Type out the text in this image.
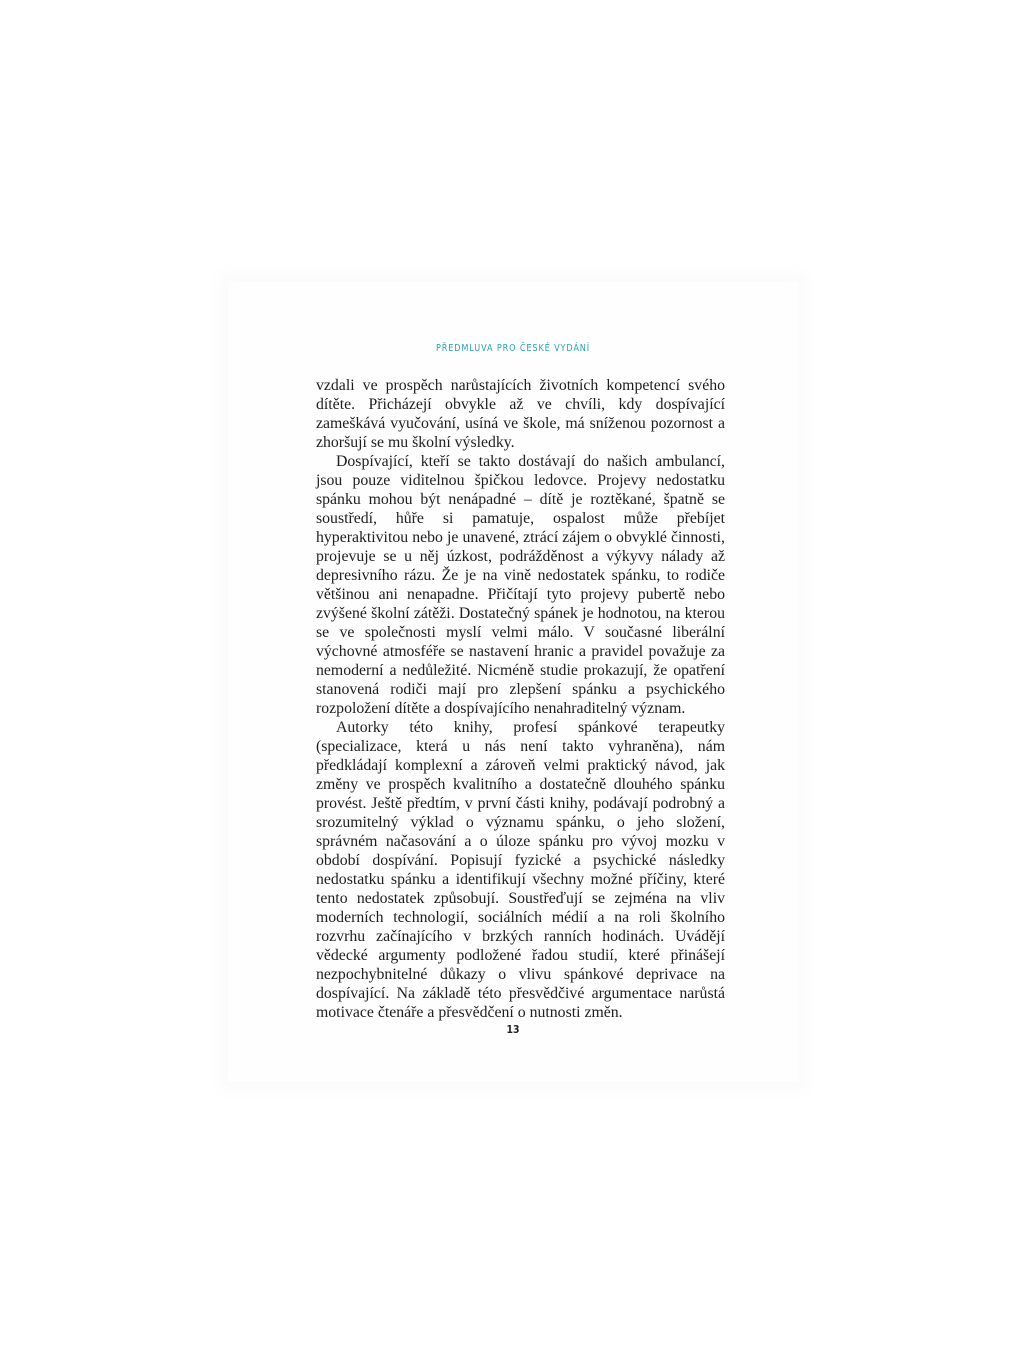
PŘEDMLUVA PRO ČESKÉ VYDÁNÍ

vzdali ve prospěch narůstajících životních kompetencí svého dítěte. Přicházejí obvykle až ve chvíli, kdy dospívající zameškává vyučování, usíná ve škole, má sníženou pozornost a zhoršují se mu školní výsledky.

Dospívající, kteří se takto dostávají do našich ambulancí, jsou pouze viditelnou špičkou ledovce. Projevy nedostatku spánku mohou být nenápadné – dítě je roztěkané, špatně se soustředí, hůře si pamatuje, ospalost může přebíjet hyperaktivitou nebo je unavené, ztrácí zájem o obvyklé činnosti, projevuje se u něj úzkost, podrážděnost a výkyvy nálady až depresivního rázu. Že je na vině nedostatek spánku, to rodiče většinou ani nenapadne. Přičítají tyto projevy pubertě nebo zvýšené školní zátěži. Dostatečný spánek je hodnotou, na kterou se ve společnosti myslí velmi málo. V současné liberální výchovné atmosféře se nastavení hranic a pravidel považuje za nemoderní a nedůležité. Nicméně studie prokazují, že opatření stanovená rodiči mají pro zlepšení spánku a psychického rozpoložení dítěte a dospívajícího nenahraditelný význam.

Autorky této knihy, profesí spánkové terapeutky (specializace, která u nás není takto vyhraněna), nám předkládají komplexní a zároveň velmi praktický návod, jak změny ve prospěch kvalitního a dostatečně dlouhého spánku provést. Ještě předtím, v první části knihy, podávají podrobný a srozumitelný výklad o významu spánku, o jeho složení, správném načasování a o úloze spánku pro vývoj mozku v období dospívání. Popisují fyzické a psychické následky nedostatku spánku a identifikují všechny možné příčiny, které tento nedostatek způsobují. Soustřeďují se zejména na vliv moderních technologií, sociálních médií a na roli školního rozvrhu začínajícího v brzkých ranních hodinách. Uvádějí vědecké argumenty podložené řadou studií, které přinášejí nezpochybnitelné důkazy o vlivu spánkové deprivace na dospívající. Na základě této přesvědčivé argumentace narůstá motivace čtenáře a přesvědčení o nutnosti změn.

13
